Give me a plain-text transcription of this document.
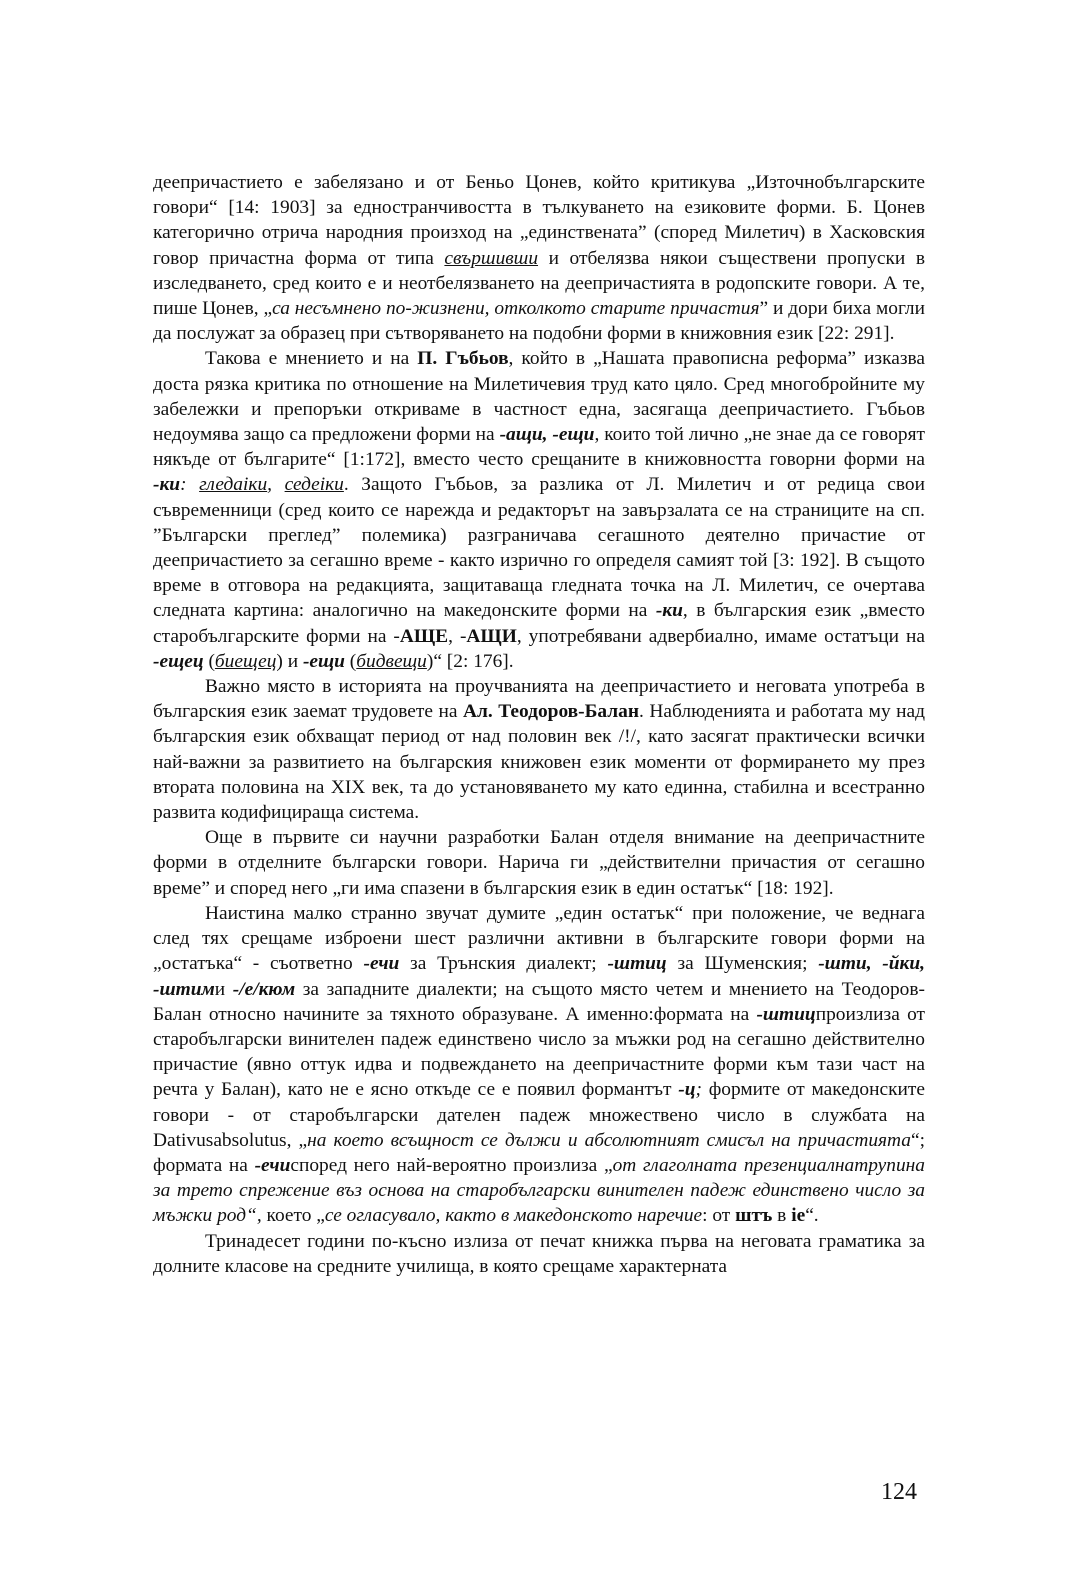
деепричастието е забелязано и от Беньо Цонев, който критикува „Източнобългарските говори“ [14: 1903] за едностранчивостта в тълкуването на езиковите форми. Б. Цонев категорично отрича народния произход на „единствената” (според Милетич) в Хасковския говор причастна форма от типа свършивши и отбелязва някои съществени пропуски в изследването, сред които е и неотбелязването на деепричастията в родопските говори. А те, пише Цонев, „са несъмнено по-жизнени, отколкото старите причастия” и дори биха могли да послужат за образец при сътворяването на подобни форми в книжовния език [22: 291].

Такова е мнението и на П. Гъбьов, който в „Нашата правописна реформа” изказва доста рязка критика по отношение на Милетичевия труд като цяло. Сред многобройните му забележки и препоръки откриваме в частност една, засягаща деепричастието. Гъбьов недоумява защо са предложени форми на -ащи, -ещи, които той лично „не знае да се говорят някъде от българите“ [1:172], вместо често срещаните в книжовността говорни форми на -ки: гледаіки, седеіки. Защото Гъбьов, за разлика от Л. Милетич и от редица свои съвременници (сред които се нарежда и редакторът на завързалата се на страниците на сп. ”Български преглед” полемика) разграничава сегашното деятелно причастие от деепричастието за сегашно време - както изрично го определя самият той [3: 192]. В същото време в отговора на редакцията, защитаваща гледната точка на Л. Милетич, се очертава следната картина: аналогично на македонските форми на -ки, в българския език „вместо старобългарските форми на -АЩЕ, -АЩИ, употребявани адвербиално, имаме остатъци на -ещец (биещец) и -ещи (бидвещи)“ [2: 176].

Важно място в историята на проучванията на деепричастието и неговата употреба в българския език заемат трудовете на Ал. Теодоров-Балан. Наблюденията и работата му над българския език обхващат период от над половин век /!/, като засягат практически всички най-важни за развитието на българския книжовен език моменти от формирането му през втората половина на XIX век, та до установяването му като единна, стабилна и всестранно развита кодифицираща система.

Още в първите си научни разработки Балан отделя внимание на деепричастните форми в отделните български говори. Нарича ги „действителни причастия от сегашно време” и според него „ги има спазени в българския език в един остатък“ [18: 192].

Наистина малко странно звучат думите „един остатък“ при положение, че веднага след тях срещаме изброени шест различни активни в българските говори форми на „остатъка“ - съответно -ечи за Трънския диалект; -штиц за Шуменския; -шти, -йки, -штими -/е/кюм за западните диалекти; на същото място четем и мнението на Теодоров-Балан относно начините за тяхното образуване. А именно:формата на -штицпроизлиза от старобългарски винителен падеж единствено число за мъжки род на сегашно действително причастие (явно оттук идва и подвеждането на деепричастните форми към тази част на речта у Балан), като не е ясно откъде се е появил формантът -ц; формите от македонските говори - от старобългарски дателен падеж множествено число в службата на Dativusabsolutus, „на което всъщност се дължи и абсолютният смисъл на причастията“; формата на -ечиспоред него най-вероятно произлиза „от глаголната презенциалнатрупина за трето спрежение въз основа на старобългарски винителен падеж единствено число за мъжки род“, което „се огласувало, както в македонското наречие: от штъ в iе“.

Тринадесет години по-късно излиза от печат книжка първа на неговата граматика за долните класове на средните училища, в която срещаме характерната

124
